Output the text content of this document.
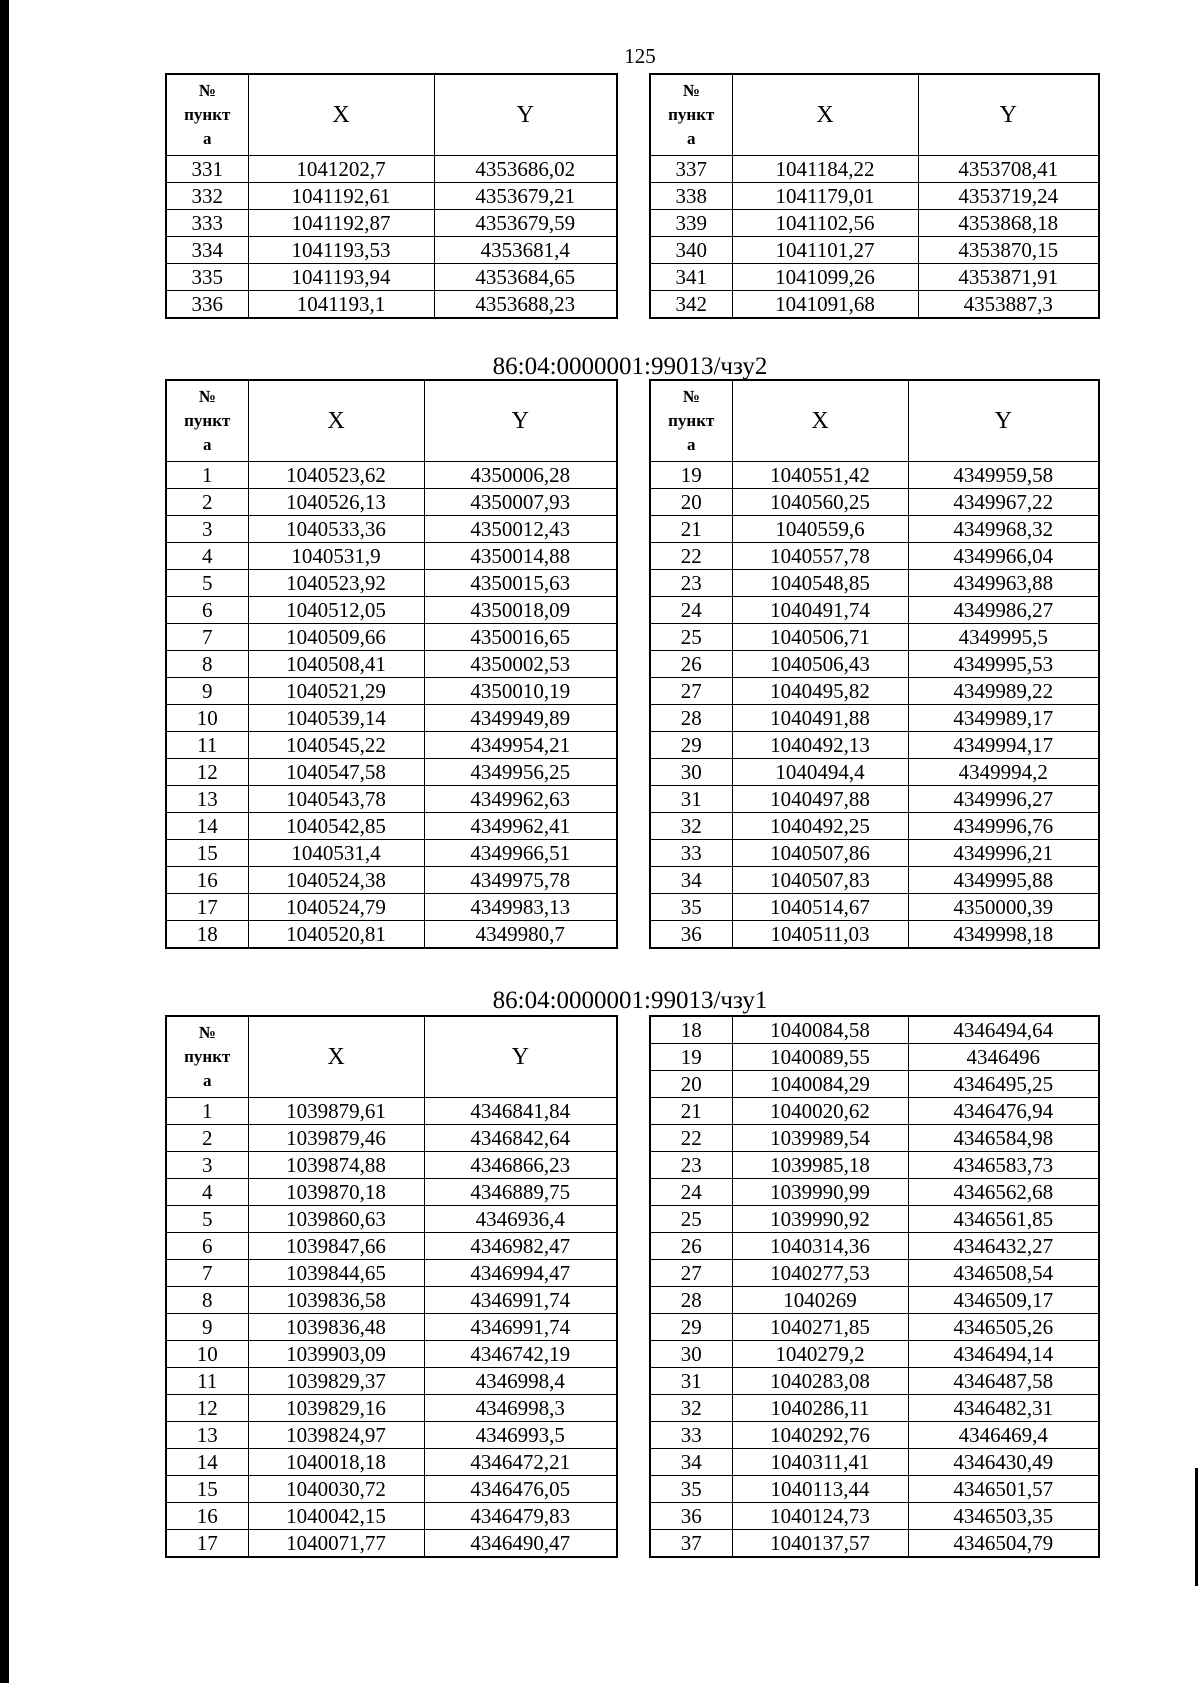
125
№
пункт
а	X	Y
331	1041202,7	4353686,02
332	1041192,61	4353679,21
333	1041192,87	4353679,59
334	1041193,53	4353681,4
335	1041193,94	4353684,65
336	1041193,1	4353688,23
№
пункт
а	X	Y
337	1041184,22	4353708,41
338	1041179,01	4353719,24
339	1041102,56	4353868,18
340	1041101,27	4353870,15
341	1041099,26	4353871,91
342	1041091,68	4353887,3
86:04:0000001:99013/чзу2
№
пункт
а	X	Y
1	1040523,62	4350006,28
2	1040526,13	4350007,93
3	1040533,36	4350012,43
4	1040531,9	4350014,88
5	1040523,92	4350015,63
6	1040512,05	4350018,09
7	1040509,66	4350016,65
8	1040508,41	4350002,53
9	1040521,29	4350010,19
10	1040539,14	4349949,89
11	1040545,22	4349954,21
12	1040547,58	4349956,25
13	1040543,78	4349962,63
14	1040542,85	4349962,41
15	1040531,4	4349966,51
16	1040524,38	4349975,78
17	1040524,79	4349983,13
18	1040520,81	4349980,7
№
пункт
а	X	Y
19	1040551,42	4349959,58
20	1040560,25	4349967,22
21	1040559,6	4349968,32
22	1040557,78	4349966,04
23	1040548,85	4349963,88
24	1040491,74	4349986,27
25	1040506,71	4349995,5
26	1040506,43	4349995,53
27	1040495,82	4349989,22
28	1040491,88	4349989,17
29	1040492,13	4349994,17
30	1040494,4	4349994,2
31	1040497,88	4349996,27
32	1040492,25	4349996,76
33	1040507,86	4349996,21
34	1040507,83	4349995,88
35	1040514,67	4350000,39
36	1040511,03	4349998,18
86:04:0000001:99013/чзу1
№
пункт
а	X	Y
1	1039879,61	4346841,84
2	1039879,46	4346842,64
3	1039874,88	4346866,23
4	1039870,18	4346889,75
5	1039860,63	4346936,4
6	1039847,66	4346982,47
7	1039844,65	4346994,47
8	1039836,58	4346991,74
9	1039836,48	4346991,74
10	1039903,09	4346742,19
11	1039829,37	4346998,4
12	1039829,16	4346998,3
13	1039824,97	4346993,5
14	1040018,18	4346472,21
15	1040030,72	4346476,05
16	1040042,15	4346479,83
17	1040071,77	4346490,47
18	1040084,58	4346494,64
19	1040089,55	4346496
20	1040084,29	4346495,25
21	1040020,62	4346476,94
22	1039989,54	4346584,98
23	1039985,18	4346583,73
24	1039990,99	4346562,68
25	1039990,92	4346561,85
26	1040314,36	4346432,27
27	1040277,53	4346508,54
28	1040269	4346509,17
29	1040271,85	4346505,26
30	1040279,2	4346494,14
31	1040283,08	4346487,58
32	1040286,11	4346482,31
33	1040292,76	4346469,4
34	1040311,41	4346430,49
35	1040113,44	4346501,57
36	1040124,73	4346503,35
37	1040137,57	4346504,79
